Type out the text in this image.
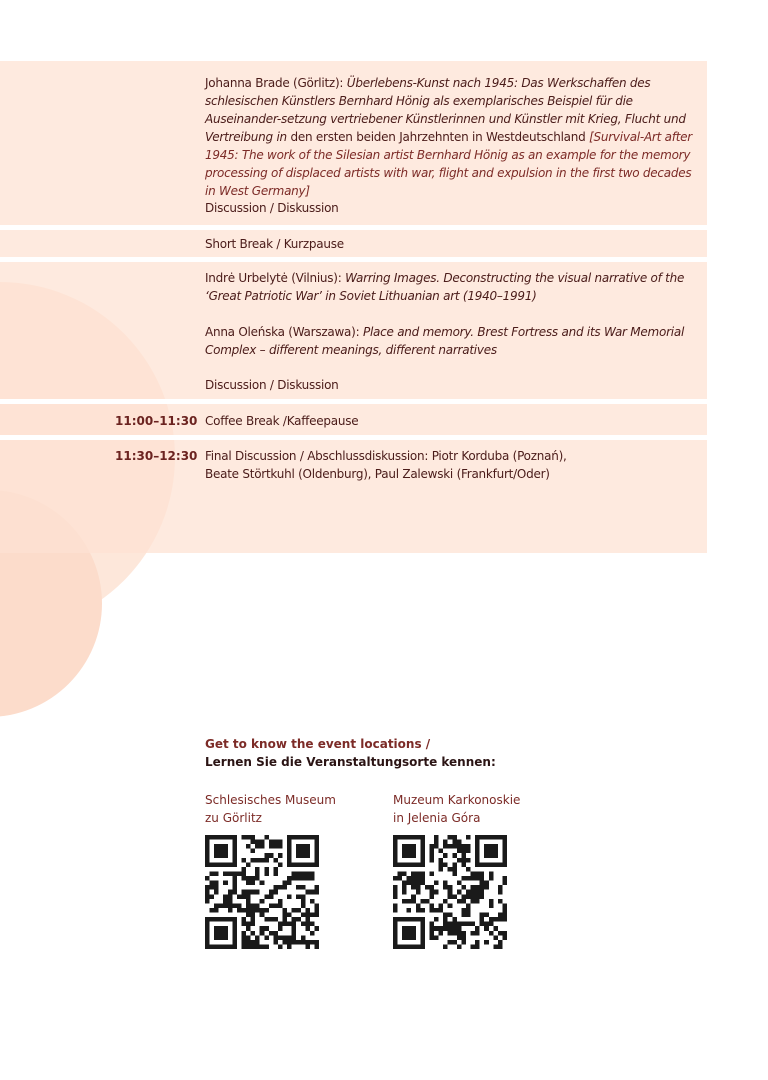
Johanna Brade (Görlitz): Überlebens-Kunst nach 1945: Das Werkschaffen des schlesischen Künstlers Bernhard Hönig als exemplarisches Beispiel für die Auseinander-setzung vertriebener Künstlerinnen und Künstler mit Krieg, Flucht und Vertreibung in den ersten beiden Jahrzehnten in Westdeutschland [Survival-Art after 1945: The work of the Silesian artist Bernhard Hönig as an example for the memory processing of displaced artists with war, flight and expulsion in the first two decades in West Germany]
Discussion / Diskussion
Short Break / Kurzpause
Indrė Urbelytė (Vilnius): Warring Images. Deconstructing the visual narrative of the ‘Great Patriotic War’ in Soviet Lithuanian art (1940–1991)
Anna Oleńska (Warszawa): Place and memory. Brest Fortress and its War Memorial Complex – different meanings, different narratives
Discussion / Diskussion
11:00–11:30 Coffee Break /Kaffeepause
11:30–12:30 Final Discussion / Abschlussdiskussion: Piotr Korduba (Poznań),
Beate Störtkuhl (Oldenburg), Paul Zalewski (Frankfurt/Oder)
Get to know the event locations /
Lernen Sie die Veranstaltungsorte kennen:
Schlesisches Museum
zu Görlitz
Muzeum Karkonoskie
in Jelenia Góra
